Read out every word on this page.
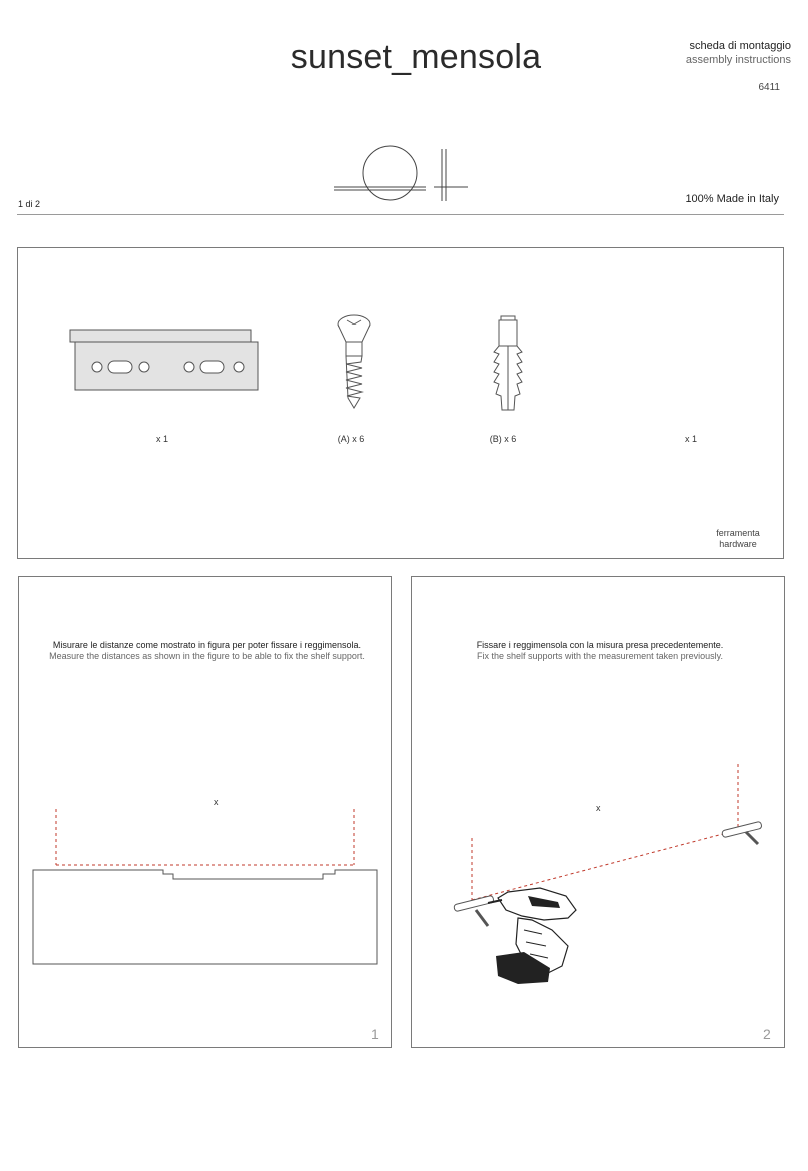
sunset_mensola	scheda di montaggio
assembly instructions
6411
1 di 2	100% Made in Italy
x 1	(A) x 6	(B) x 6	x 1
ferramenta
hardware
Misurare le distanze come mostrato in figura per poter fissare i reggimensola.
Measure the distances as shown in the figure to be able to fix the shelf support.
x
1
Fissare i reggimensola con la misura presa precedentemente.
Fix the shelf supports with the measurement taken previously.
x
2
